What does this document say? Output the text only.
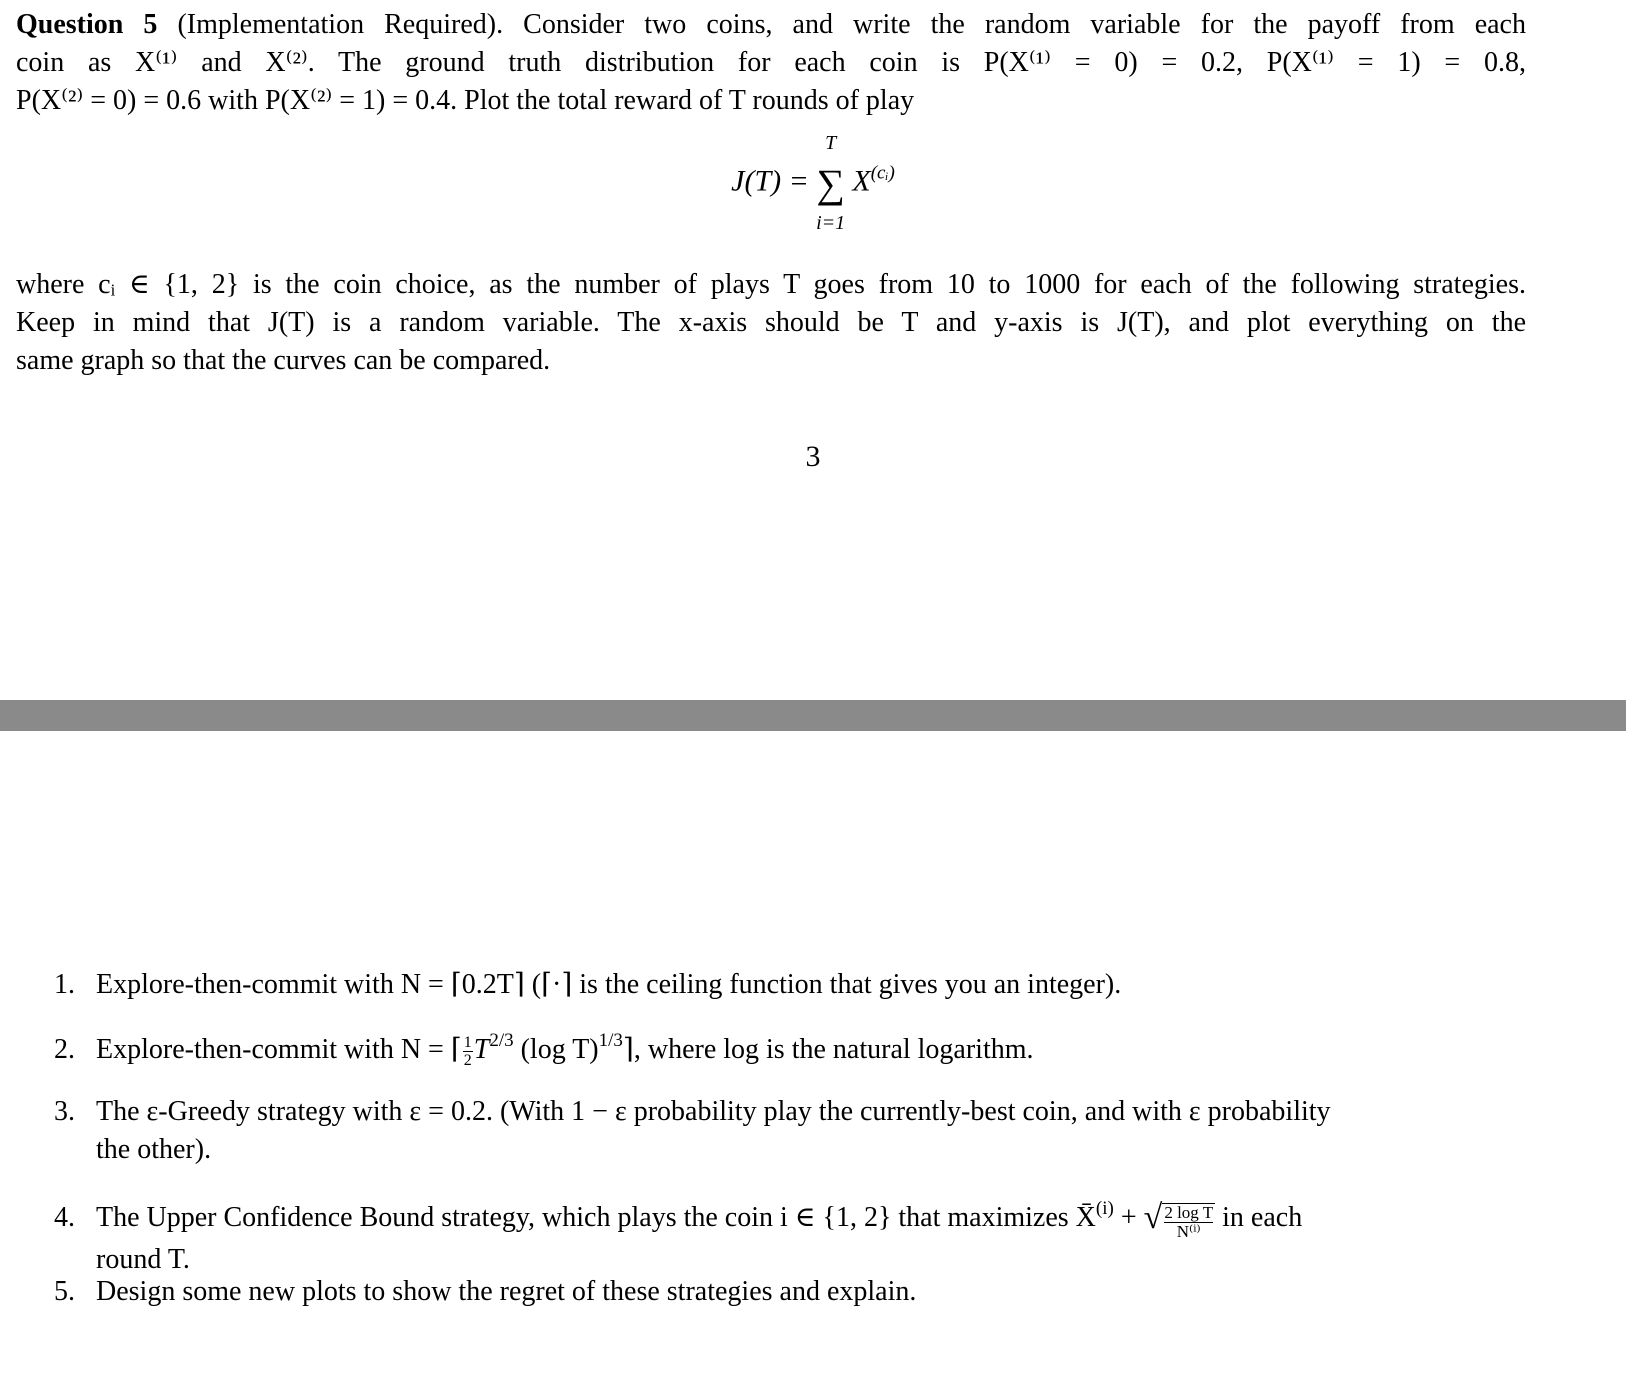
Question 5 (Implementation Required). Consider two coins, and write the random variable for the payoff from each
coin as X⁽¹⁾ and X⁽²⁾. The ground truth distribution for each coin is P(X⁽¹⁾ = 0) = 0.2, P(X⁽¹⁾ = 1) = 0.8,
P(X⁽²⁾ = 0) = 0.6 with P(X⁽²⁾ = 1) = 0.4. Plot the total reward of T rounds of play
J(T) =
T
∑
i=1
$X^{(cᵢ)}$
where cᵢ ∈ {1, 2} is the coin choice, as the number of plays T goes from 10 to 1000 for each of the following strategies.
Keep in mind that J(T) is a random variable. The x-axis should be T and y-axis is J(T), and plot everything on the
same graph so that the curves can be compared.
3
1. Explore-then-commit with N = ⌈0.2T⌉ (⌈·⌉ is the ceiling function that gives you an integer).
2. Explore-then-commit with N = ⌈ $\frac{1}{2} T^{2/3}$ (log T)$^{1/3}$⌉, where log is the natural logarithm.
3. The ε-Greedy strategy with ε = 0.2. (With 1 − ε probability play the currently-best coin, and with ε probability
the other).
4. The Upper Confidence Bound strategy, which plays the coin i ∈ {1, 2} that maximizes X̄$^{(i)}$ + √ $\frac{\text{2 log T}}{\text{N⁽ⁱ⁾}}$ in each
round T.
5. Design some new plots to show the regret of these strategies and explain.
